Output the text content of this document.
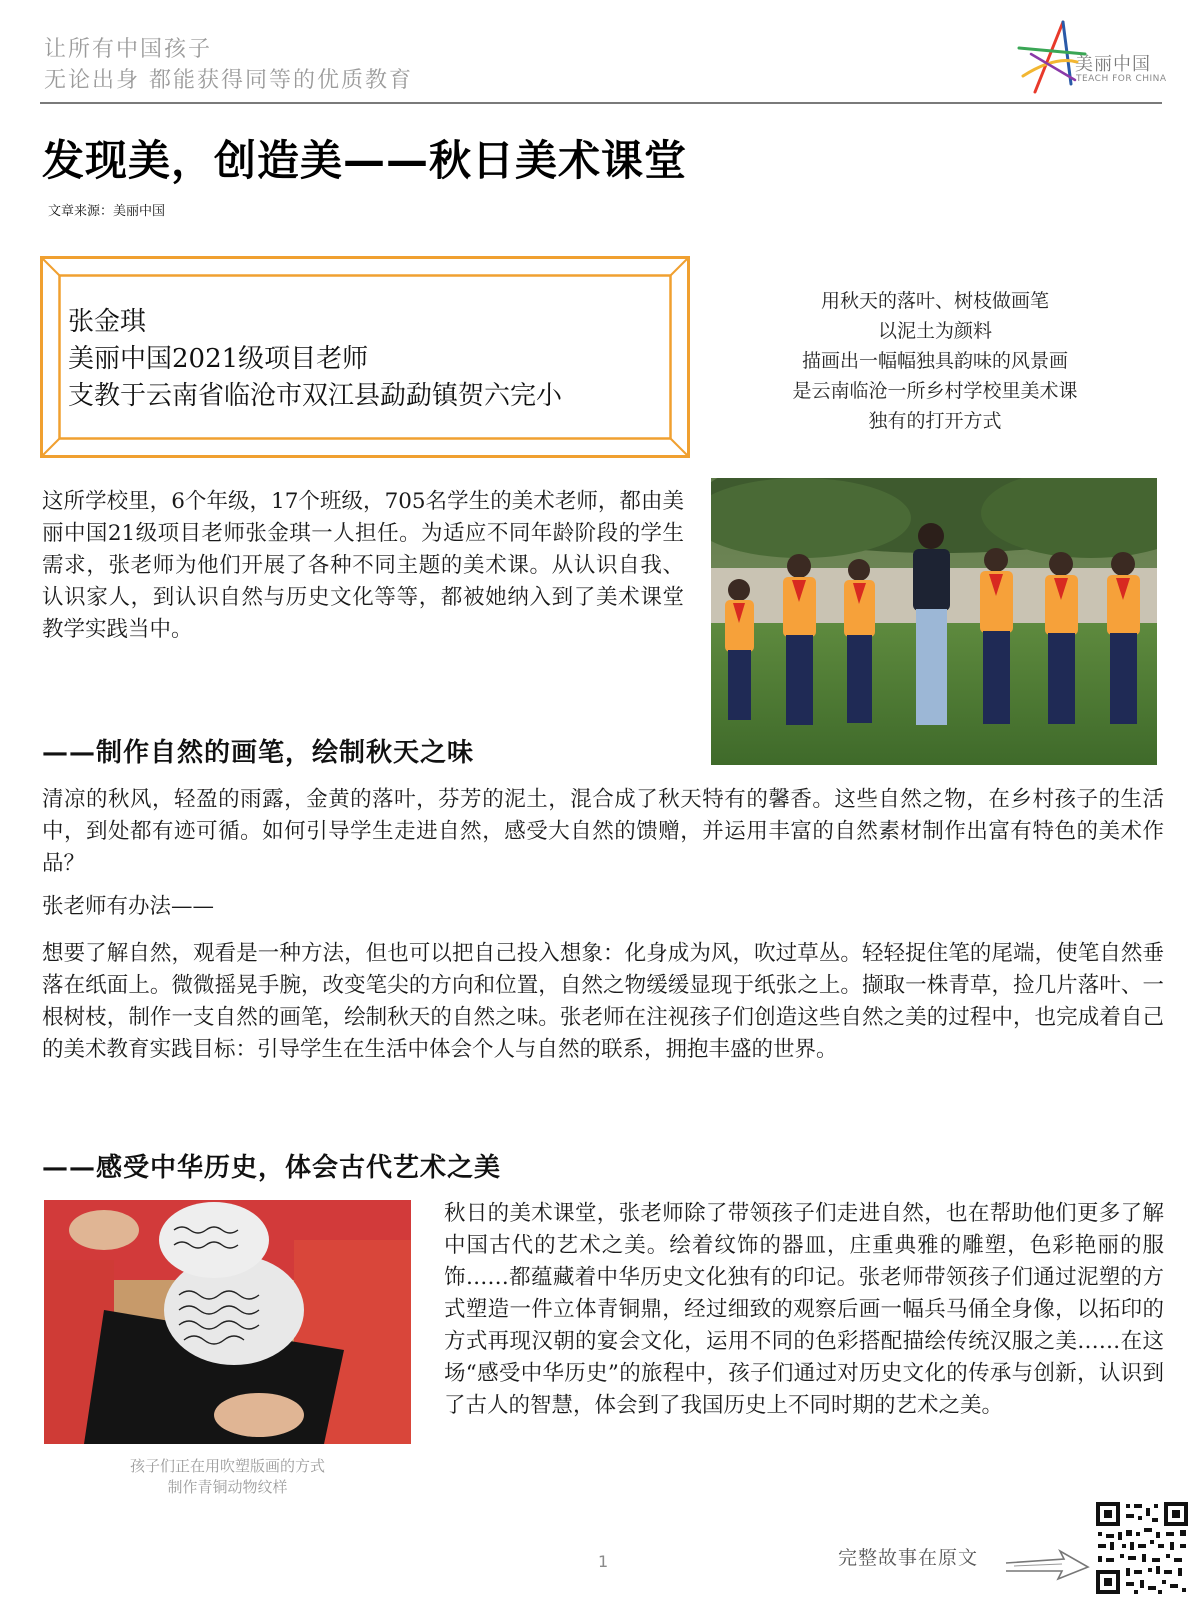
让所有中国孩子
无论出身 都能获得同等的优质教育
美丽中国
TEACH FOR CHINA
发现美，创造美——秋日美术课堂
文章来源：美丽中国
张金琪
美丽中国2021级项目老师
支教于云南省临沧市双江县勐勐镇贺六完小
用秋天的落叶、树枝做画笔
以泥土为颜料
描画出一幅幅独具韵味的风景画
是云南临沧一所乡村学校里美术课
独有的打开方式
这所学校里，6个年级，17个班级，705名学生的美术老师，都由美丽中国21级项目老师张金琪一人担任。为适应不同年龄阶段的学生需求，张老师为他们开展了各种不同主题的美术课。从认识自我、认识家人，到认识自然与历史文化等等，都被她纳入到了美术课堂教学实践当中。
——制作自然的画笔，绘制秋天之味
清凉的秋风，轻盈的雨露，金黄的落叶，芬芳的泥土，混合成了秋天特有的馨香。这些自然之物，在乡村孩子的生活中，到处都有迹可循。如何引导学生走进自然，感受大自然的馈赠，并运用丰富的自然素材制作出富有特色的美术作品？
张老师有办法——
想要了解自然，观看是一种方法，但也可以把自己投入想象：化身成为风，吹过草丛。轻轻捉住笔的尾端，使笔自然垂落在纸面上。微微摇晃手腕，改变笔尖的方向和位置，自然之物缓缓显现于纸张之上。撷取一株青草，捡几片落叶、一根树枝，制作一支自然的画笔，绘制秋天的自然之味。张老师在注视孩子们创造这些自然之美的过程中，也完成着自己的美术教育实践目标：引导学生在生活中体会个人与自然的联系，拥抱丰盛的世界。
——感受中华历史，体会古代艺术之美
孩子们正在用吹塑版画的方式
制作青铜动物纹样
秋日的美术课堂，张老师除了带领孩子们走进自然，也在帮助他们更多了解中国古代的艺术之美。绘着纹饰的器皿，庄重典雅的雕塑，色彩艳丽的服饰……都蕴藏着中华历史文化独有的印记。张老师带领孩子们通过泥塑的方式塑造一件立体青铜鼎，经过细致的观察后画一幅兵马俑全身像，以拓印的方式再现汉朝的宴会文化，运用不同的色彩搭配描绘传统汉服之美……在这场“感受中华历史”的旅程中，孩子们通过对历史文化的传承与创新，认识到了古人的智慧，体会到了我国历史上不同时期的艺术之美。
1	完整故事在原文
